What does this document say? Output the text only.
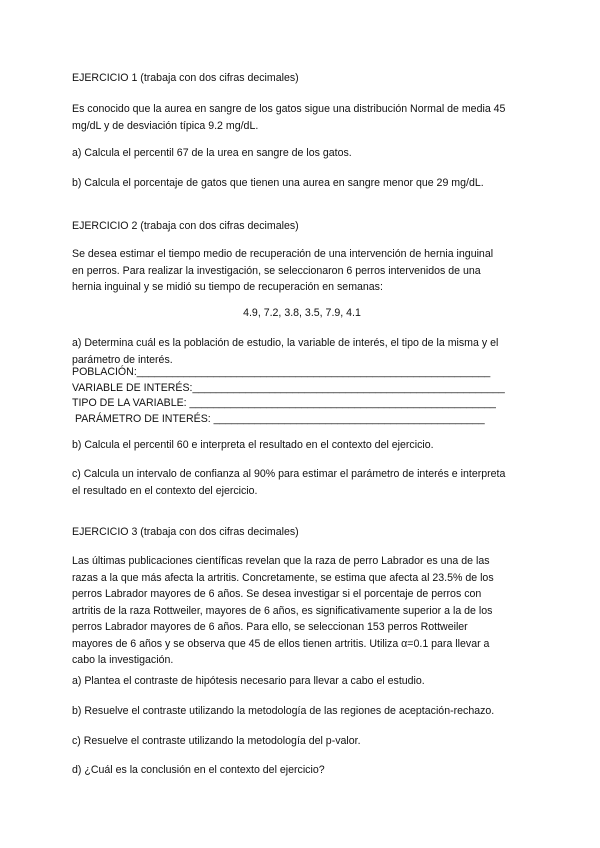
EJERCICIO 1 (trabaja con dos cifras decimales)

Es conocido que la aurea en sangre de los gatos sigue una distribución Normal de media 45
mg/dL y de desviación típica 9.2 mg/dL.

a) Calcula el percentil 67 de la urea en sangre de los gatos.

b) Calcula el porcentaje de gatos que tienen una aurea en sangre menor que 29 mg/dL.

EJERCICIO 2 (trabaja con dos cifras decimales)

Se desea estimar el tiempo medio de recuperación de una intervención de hernia inguinal
en perros. Para realizar la investigación, se seleccionaron 6 perros intervenidos de una
hernia inguinal y se midió su tiempo de recuperación en semanas:

4.9, 7.2, 3.8, 3.5, 7.9, 4.1

a) Determina cuál es la población de estudio, la variable de interés, el tipo de la misma y el
parámetro de interés.

POBLACIÓN:____________________________________________________________
VARIABLE DE INTERÉS:_____________________________________________________
TIPO DE LA VARIABLE: ____________________________________________________
PARÁMETRO DE INTERÉS: ______________________________________________

b) Calcula el percentil 60 e interpreta el resultado en el contexto del ejercicio.

c) Calcula un intervalo de confianza al 90% para estimar el parámetro de interés e interpreta
el resultado en el contexto del ejercicio.

EJERCICIO 3 (trabaja con dos cifras decimales)

Las últimas publicaciones científicas revelan que la raza de perro Labrador es una de las
razas a la que más afecta la artritis. Concretamente, se estima que afecta al 23.5% de los
perros Labrador mayores de 6 años. Se desea investigar si el porcentaje de perros con
artritis de la raza Rottweiler, mayores de 6 años, es significativamente superior a la de los
perros Labrador mayores de 6 años. Para ello, se seleccionan 153 perros Rottweiler
mayores de 6 años y se observa que 45 de ellos tienen artritis. Utiliza α=0.1 para llevar a
cabo la investigación.

a) Plantea el contraste de hipótesis necesario para llevar a cabo el estudio.

b) Resuelve el contraste utilizando la metodología de las regiones de aceptación-rechazo.

c) Resuelve el contraste utilizando la metodología del p-valor.

d) ¿Cuál es la conclusión en el contexto del ejercicio?
